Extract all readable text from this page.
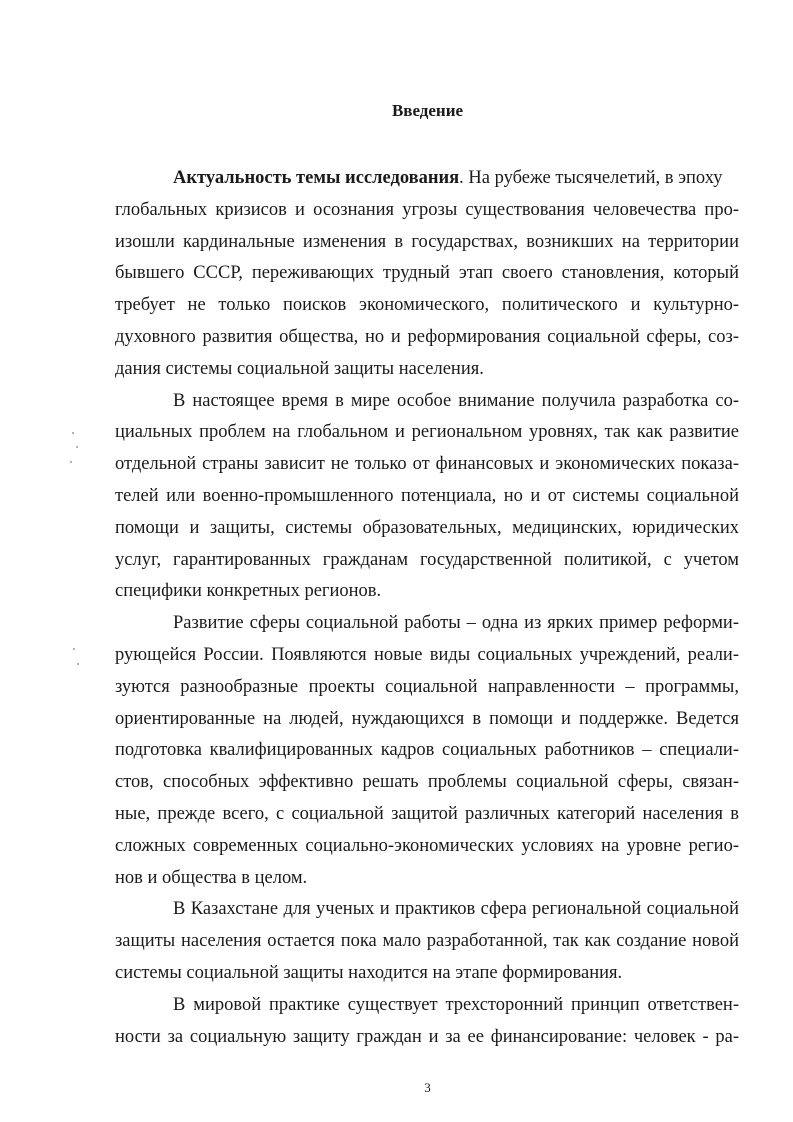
Введение
Актуальность темы исследования. На рубеже тысячелетий, в эпоху
глобальных кризисов и осознания угрозы существования человечества про-
изошли кардинальные изменения в государствах, возникших на территории
бывшего СССР, переживающих трудный этап своего становления, который
требует не только поисков экономического, политического и культурно-
духовного развития общества, но и реформирования социальной сферы, соз-
дания системы социальной защиты населения.
В настоящее время в мире особое внимание получила разработка со-
циальных проблем на глобальном и региональном уровнях, так как развитие
отдельной страны зависит не только от финансовых и экономических показа-
телей или военно-промышленного потенциала, но и от системы социальной
помощи и защиты, системы образовательных, медицинских, юридических
услуг, гарантированных гражданам государственной политикой, с учетом
специфики конкретных регионов.
Развитие сферы социальной работы – одна из ярких пример реформи-
рующейся России. Появляются новые виды социальных учреждений, реали-
зуются разнообразные проекты социальной направленности – программы,
ориентированные на людей, нуждающихся в помощи и поддержке. Ведется
подготовка квалифицированных кадров социальных работников – специали-
стов, способных эффективно решать проблемы социальной сферы, связан-
ные, прежде всего, с социальной защитой различных категорий населения в
сложных современных социально-экономических условиях на уровне регио-
нов и общества в целом.
В Казахстане для ученых и практиков сфера региональной социальной
защиты населения остается пока мало разработанной, так как создание новой
системы социальной защиты находится на этапе формирования.
В мировой практике существует трехсторонний принцип ответствен-
ности за социальную защиту граждан и за ее финансирование: человек - ра-
3
